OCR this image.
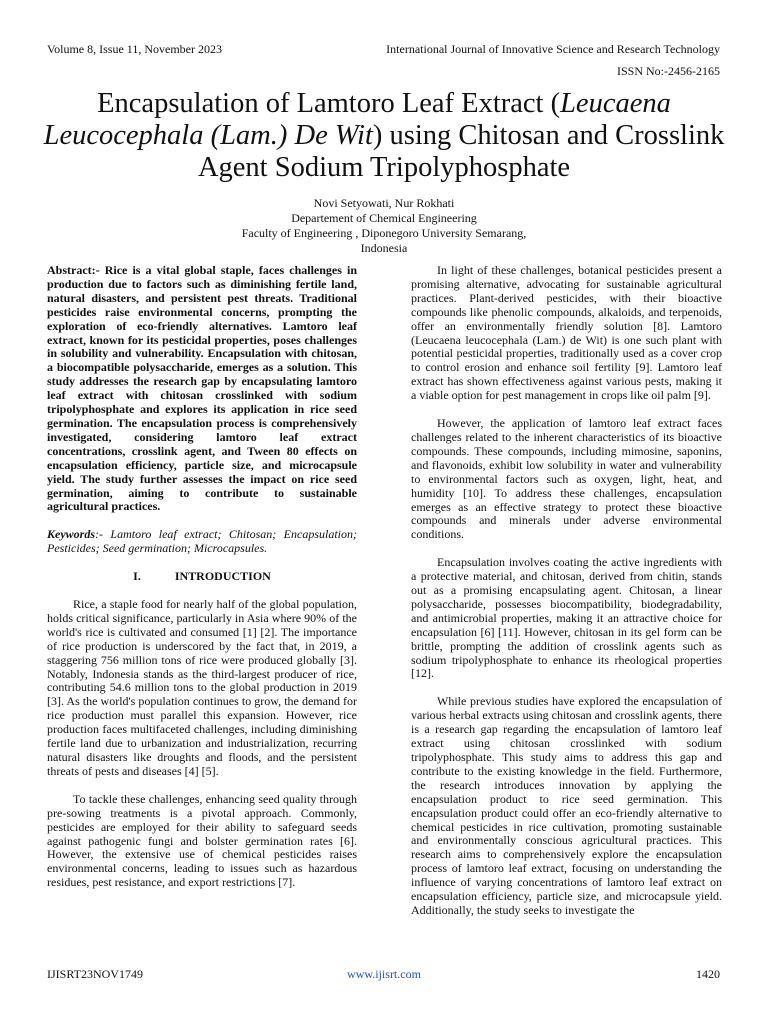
Volume 8, Issue 11, November 2023	International Journal of Innovative Science and Research Technology
ISSN No:-2456-2165
Encapsulation of Lamtoro Leaf Extract (Leucaena Leucocephala (Lam.) De Wit) using Chitosan and Crosslink Agent Sodium Tripolyphosphate
Novi Setyowati, Nur Rokhati
Departement of Chemical Engineering
Faculty of Engineering , Diponegoro University Semarang,
Indonesia

Abstract:- Rice is a vital global staple, faces challenges in production due to factors such as diminishing fertile land, natural disasters, and persistent pest threats. Traditional pesticides raise environmental concerns, prompting the exploration of eco-friendly alternatives. Lamtoro leaf extract, known for its pesticidal properties, poses challenges in solubility and vulnerability. Encapsulation with chitosan, a biocompatible polysaccharide, emerges as a solution. This study addresses the research gap by encapsulating lamtoro leaf extract with chitosan crosslinked with sodium tripolyphosphate and explores its application in rice seed germination. The encapsulation process is comprehensively investigated, considering lamtoro leaf extract concentrations, crosslink agent, and Tween 80 effects on encapsulation efficiency, particle size, and microcapsule yield. The study further assesses the impact on rice seed germination, aiming to contribute to sustainable agricultural practices.

Keywords:- Lamtoro leaf extract; Chitosan; Encapsulation; Pesticides; Seed germination; Microcapsules.

I.	INTRODUCTION

Rice, a staple food for nearly half of the global population, holds critical significance, particularly in Asia where 90% of the world's rice is cultivated and consumed [1] [2]. The importance of rice production is underscored by the fact that, in 2019, a staggering 756 million tons of rice were produced globally [3]. Notably, Indonesia stands as the third-largest producer of rice, contributing 54.6 million tons to the global production in 2019 [3]. As the world's population continues to grow, the demand for rice production must parallel this expansion. However, rice production faces multifaceted challenges, including diminishing fertile land due to urbanization and industrialization, recurring natural disasters like droughts and floods, and the persistent threats of pests and diseases [4] [5].

To tackle these challenges, enhancing seed quality through pre-sowing treatments is a pivotal approach. Commonly, pesticides are employed for their ability to safeguard seeds against pathogenic fungi and bolster germination rates [6]. However, the extensive use of chemical pesticides raises environmental concerns, leading to issues such as hazardous residues, pest resistance, and export restrictions [7].

In light of these challenges, botanical pesticides present a promising alternative, advocating for sustainable agricultural practices. Plant-derived pesticides, with their bioactive compounds like phenolic compounds, alkaloids, and terpenoids, offer an environmentally friendly solution [8]. Lamtoro (Leucaena leucocephala (Lam.) de Wit) is one such plant with potential pesticidal properties, traditionally used as a cover crop to control erosion and enhance soil fertility [9]. Lamtoro leaf extract has shown effectiveness against various pests, making it a viable option for pest management in crops like oil palm [9].

However, the application of lamtoro leaf extract faces challenges related to the inherent characteristics of its bioactive compounds. These compounds, including mimosine, saponins, and flavonoids, exhibit low solubility in water and vulnerability to environmental factors such as oxygen, light, heat, and humidity [10]. To address these challenges, encapsulation emerges as an effective strategy to protect these bioactive compounds and minerals under adverse environmental conditions.

Encapsulation involves coating the active ingredients with a protective material, and chitosan, derived from chitin, stands out as a promising encapsulating agent. Chitosan, a linear polysaccharide, possesses biocompatibility, biodegradability, and antimicrobial properties, making it an attractive choice for encapsulation [6] [11]. However, chitosan in its gel form can be brittle, prompting the addition of crosslink agents such as sodium tripolyphosphate to enhance its rheological properties [12].

While previous studies have explored the encapsulation of various herbal extracts using chitosan and crosslink agents, there is a research gap regarding the encapsulation of lamtoro leaf extract using chitosan crosslinked with sodium tripolyphosphate. This study aims to address this gap and contribute to the existing knowledge in the field. Furthermore, the research introduces innovation by applying the encapsulation product to rice seed germination. This encapsulation product could offer an eco-friendly alternative to chemical pesticides in rice cultivation, promoting sustainable and environmentally conscious agricultural practices. This research aims to comprehensively explore the encapsulation process of lamtoro leaf extract, focusing on understanding the influence of varying concentrations of lamtoro leaf extract on encapsulation efficiency, particle size, and microcapsule yield. Additionally, the study seeks to investigate the

IJISRT23NOV1749	www.ijisrt.com	1420
